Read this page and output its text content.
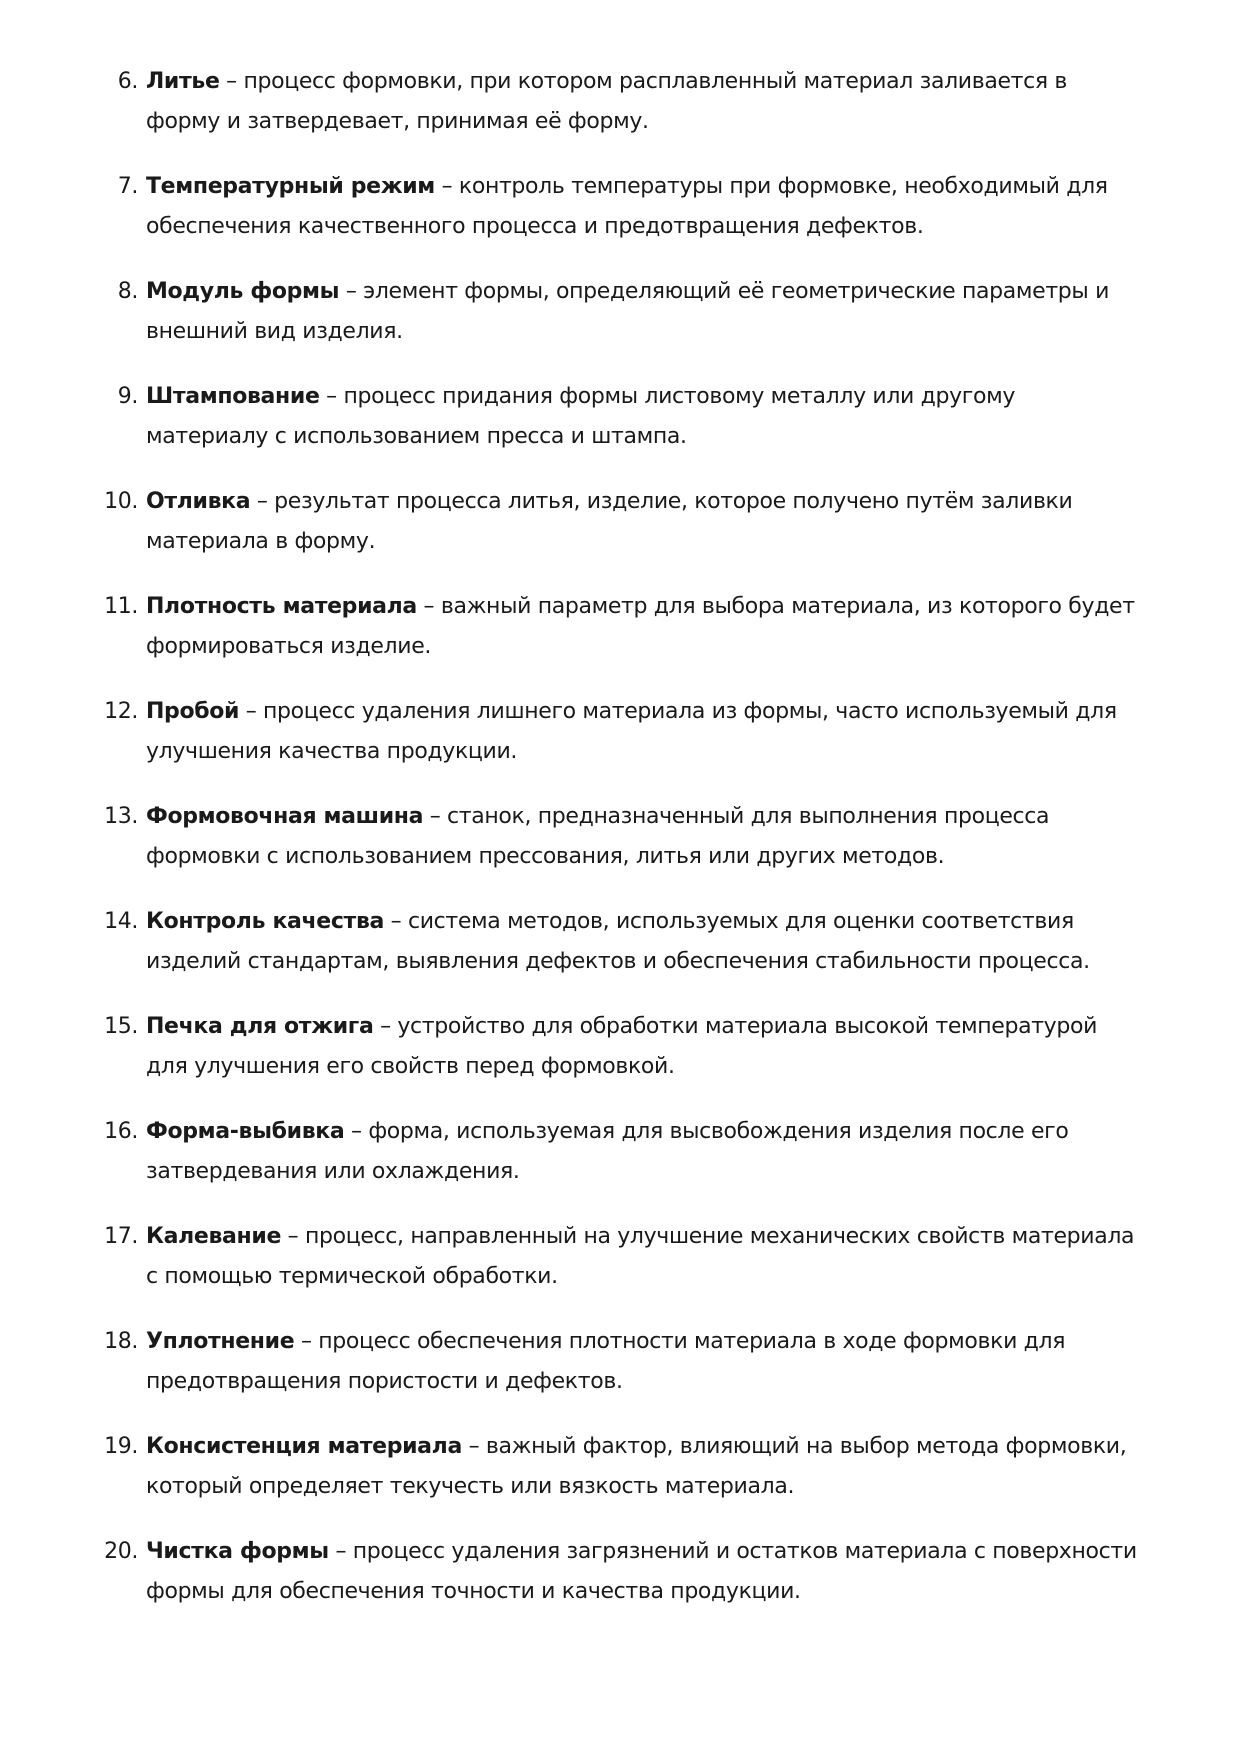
6. Литье – процесс формовки, при котором расплавленный материал заливается в форму и затвердевает, принимая её форму.
7. Температурный режим – контроль температуры при формовке, необходимый для обеспечения качественного процесса и предотвращения дефектов.
8. Модуль формы – элемент формы, определяющий её геометрические параметры и внешний вид изделия.
9. Штампование – процесс придания формы листовому металлу или другому материалу с использованием пресса и штампа.
10. Отливка – результат процесса литья, изделие, которое получено путём заливки материала в форму.
11. Плотность материала – важный параметр для выбора материала, из которого будет формироваться изделие.
12. Пробой – процесс удаления лишнего материала из формы, часто используемый для улучшения качества продукции.
13. Формовочная машина – станок, предназначенный для выполнения процесса формовки с использованием прессования, литья или других методов.
14. Контроль качества – система методов, используемых для оценки соответствия изделий стандартам, выявления дефектов и обеспечения стабильности процесса.
15. Печка для отжига – устройство для обработки материала высокой температурой для улучшения его свойств перед формовкой.
16. Форма-выбивка – форма, используемая для высвобождения изделия после его затвердевания или охлаждения.
17. Калевание – процесс, направленный на улучшение механических свойств материала с помощью термической обработки.
18. Уплотнение – процесс обеспечения плотности материала в ходе формовки для предотвращения пористости и дефектов.
19. Консистенция материала – важный фактор, влияющий на выбор метода формовки, который определяет текучесть или вязкость материала.
20. Чистка формы – процесс удаления загрязнений и остатков материала с поверхности формы для обеспечения точности и качества продукции.
